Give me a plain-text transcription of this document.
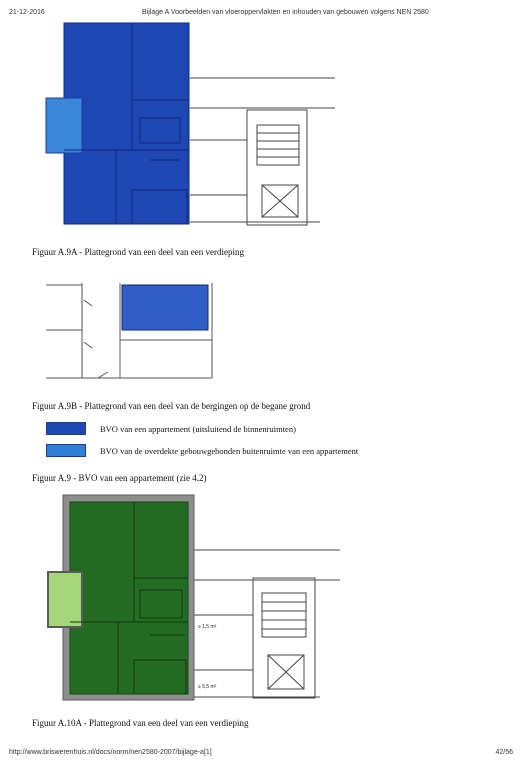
21-12-2016	Bijlage A Voorbeelden van vloeroppervlakten en inhouden van gebouwen volgens NEN 2580
Figuur A.9A - Plattegrond van een deel van een verdieping
Figuur A.9B - Plattegrond van een deel van de bergingen op de begane grond
BVO van een appartement (uitsluitend de binnenruimten)
BVO van de overdekte gebouwgebonden buitenruimte van een appartement
Figuur A.9 - BVO van een appartement (zie 4.2)
≥ 1,5 m²
≥ 5,5 m²
Figuur A.10A - Plattegrond van een deel van een verdieping
http://www.briswerenhuis.nl/docs/norm/nen2580-2007/bijlage-a[1]	42/56
